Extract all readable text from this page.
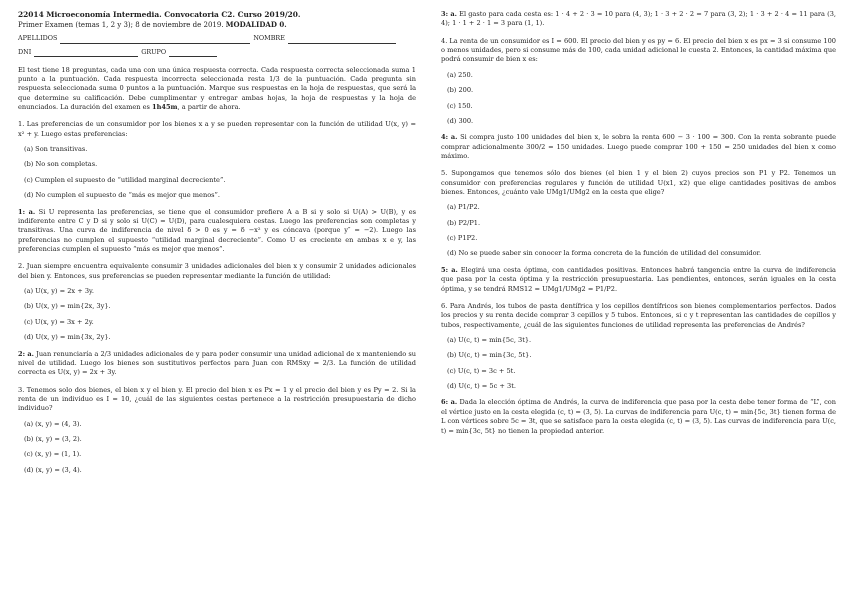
22014 Microeconomía Intermedia. Convocatoria C2. Curso 2019/20.
Primer Examen (temas 1, 2 y 3); 8 de noviembre de 2019. MODALIDAD 0.
APELLIDOS	NOMBRE
DNI	GRUPO
El test tiene 18 preguntas, cada una con una única respuesta correcta. Cada respuesta correcta seleccionada suma 1 punto a la puntuación. Cada respuesta incorrecta seleccionada resta 1/3 de la puntuación. Cada pregunta sin respuesta seleccionada suma 0 puntos a la puntuación. Marque sus respuestas en la hoja de respuestas, que será la que determine su calificación. Debe cumplimentar y entregar ambas hojas, la hoja de respuestas y la hoja de enunciados. La duración del examen es 1h45m, a partir de ahora.
1. Las preferencias de un consumidor por los bienes x a y se pueden representar con la función de utilidad U(x, y) = x² + y. Luego estas preferencias:
(a) Son transitivas.
(b) No son completas.
(c) Cumplen el supuesto de “utilidad marginal decreciente”.
(d) No cumplen el supuesto de “más es mejor que menos”.
1: a. Si U representa las preferencias, se tiene que el consumidor prefiere A a B si y solo si U(A) > U(B), y es indiferente entre C y D si y solo si U(C) = U(D), para cualesquiera cestas. Luego las preferencias son completas y transitivas. Una curva de indiferencia de nivel δ > 0 es y = δ −x² y es cóncava (porque y″ = −2). Luego las preferencias no cumplen el supuesto “utilidad marginal decreciente”. Como U es creciente en ambas x e y, las preferencias cumplen el supuesto “más es mejor que menos”.
2. Juan siempre encuentra equivalente consumir 3 unidades adicionales del bien x y consumir 2 unidades adicionales del bien y. Entonces, sus preferencias se pueden representar mediante la función de utilidad:
(a) U(x, y) = 2x + 3y.
(b) U(x, y) = min{2x, 3y}.
(c) U(x, y) = 3x + 2y.
(d) U(x, y) = min{3x, 2y}.
2: a. Juan renunciaría a 2/3 unidades adicionales de y para poder consumir una unidad adicional de x manteniendo su nivel de utilidad. Luego los bienes son sustitutivos perfectos para Juan con RMSxy = 2/3. La función de utilidad correcta es U(x, y) = 2x + 3y.
3. Tenemos solo dos bienes, el bien x y el bien y. El precio del bien x es Px = 1 y el precio del bien y es Py = 2. Si la renta de un individuo es I = 10, ¿cuál de las siguientes cestas pertenece a la restricción presupuestaria de dicho individuo?
(a) (x, y) = (4, 3).
(b) (x, y) = (3, 2).
(c) (x, y) = (1, 1).
(d) (x, y) = (3, 4).
3: a. El gasto para cada cesta es: 1 · 4 + 2 · 3 = 10 para (4, 3); 1 · 3 + 2 · 2 = 7 para (3, 2); 1 · 3 + 2 · 4 = 11 para (3, 4); 1 · 1 + 2 · 1 = 3 para (1, 1).
4. La renta de un consumidor es I = 600. El precio del bien y es py = 6. El precio del bien x es px = 3 si consume 100 o menos unidades, pero si consume más de 100, cada unidad adicional le cuesta 2. Entonces, la cantidad máxima que podrá consumir de bien x es:
(a) 250.
(b) 200.
(c) 150.
(d) 300.
4: a. Si compra justo 100 unidades del bien x, le sobra la renta 600 − 3 · 100 = 300. Con la renta sobrante puede comprar adicionalmente 300/2 = 150 unidades. Luego puede comprar 100 + 150 = 250 unidades del bien x como máximo.
5. Supongamos que tenemos sólo dos bienes (el bien 1 y el bien 2) cuyos precios son P1 y P2. Tenemos un consumidor con preferencias regulares y función de utilidad U(x1, x2) que elige cantidades positivas de ambos bienes. Entonces, ¿cuánto vale UMg1/UMg2 en la cesta que elige?
(a) P1/P2.
(b) P2/P1.
(c) P1P2.
(d) No se puede saber sin conocer la forma concreta de la función de utilidad del consumidor.
5: a. Elegirá una cesta óptima, con cantidades positivas. Entonces habrá tangencia entre la curva de indiferencia que pasa por la cesta óptima y la restricción presupuestaria. Las pendientes, entonces, serán iguales en la cesta óptima, y se tendrá RMS12 = UMg1/UMg2 = P1/P2.
6. Para Andrés, los tubos de pasta dentífrica y los cepillos dentífricos son bienes complementarios perfectos. Dados los precios y su renta decide comprar 3 cepillos y 5 tubos. Entonces, si c y t representan las cantidades de cepillos y tubos, respectivamente, ¿cuál de las siguientes funciones de utilidad representa las preferencias de Andrés?
(a) U(c, t) = min{5c, 3t}.
(b) U(c, t) = min{3c, 5t}.
(c) U(c, t) = 3c + 5t.
(d) U(c, t) = 5c + 3t.
6: a. Dada la elección óptima de Andrés, la curva de indiferencia que pasa por la cesta debe tener forma de “L”, con el vértice justo en la cesta elegida (c, t) = (3, 5). La curvas de indiferencia para U(c, t) = min{5c, 3t} tienen forma de L con vértices sobre 5c = 3t, que se satisface para la cesta elegida (c, t) = (3, 5). Las curvas de indiferencia para U(c, t) = min{3c, 5t} no tienen la propiedad anterior.
